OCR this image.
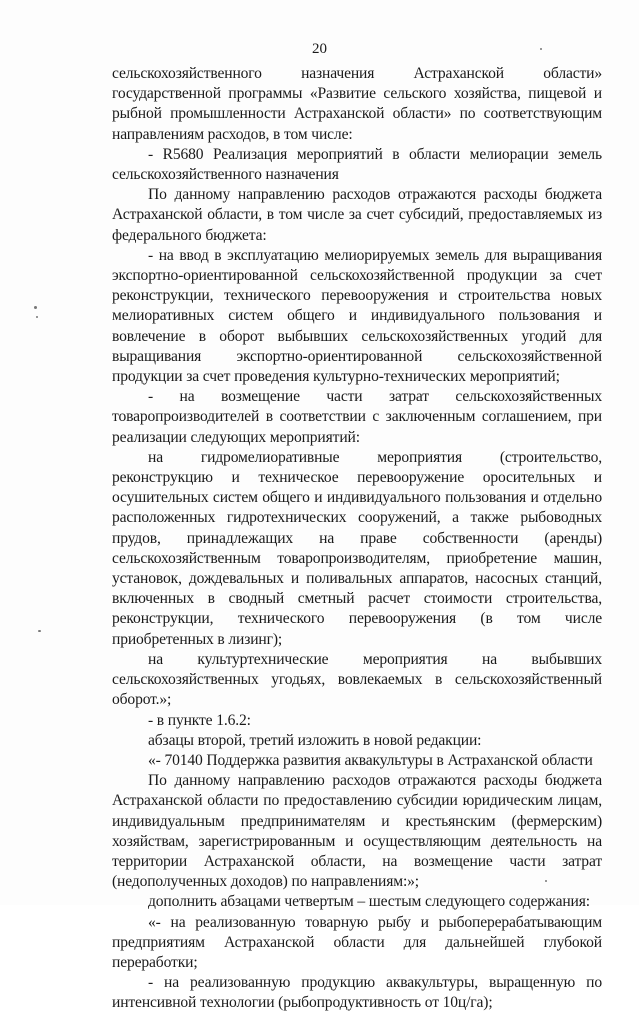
20

сельскохозяйственного назначения Астраханской области» государственной программы «Развитие сельского хозяйства, пищевой и рыбной промышленности Астраханской области» по соответствующим направлениям расходов, в том числе:

- R5680 Реализация мероприятий в области мелиорации земель сельскохозяйственного назначения

По данному направлению расходов отражаются расходы бюджета Астраханской области, в том числе за счет субсидий, предоставляемых из федерального бюджета:

- на ввод в эксплуатацию мелиорируемых земель для выращивания экспортно-ориентированной сельскохозяйственной продукции за счет реконструкции, технического перевооружения и строительства новых мелиоративных систем общего и индивидуального пользования и вовлечение в оборот выбывших сельскохозяйственных угодий для выращивания экспортно-ориентированной сельскохозяйственной продукции за счет проведения культурно-технических мероприятий;

- на возмещение части затрат сельскохозяйственных товаропроизводителей в соответствии с заключенным соглашением, при реализации следующих мероприятий:

на гидромелиоративные мероприятия (строительство, реконструкцию и техническое перевооружение оросительных и осушительных систем общего и индивидуального пользования и отдельно расположенных гидротехнических сооружений, а также рыбоводных прудов, принадлежащих на праве собственности (аренды) сельскохозяйственным товаропроизводителям, приобретение машин, установок, дождевальных и поливальных аппаратов, насосных станций, включенных в сводный сметный расчет стоимости строительства, реконструкции, технического перевооружения (в том числе приобретенных в лизинг);

на культуртехнические мероприятия на выбывших сельскохозяйственных угодьях, вовлекаемых в сельскохозяйственный оборот.»;

- в пункте 1.6.2:

абзацы второй, третий изложить в новой редакции:

«- 70140 Поддержка развития аквакультуры в Астраханской области

По данному направлению расходов отражаются расходы бюджета Астраханской области по предоставлению субсидии юридическим лицам, индивидуальным предпринимателям и крестьянским (фермерским) хозяйствам, зарегистрированным и осуществляющим деятельность на территории Астраханской области, на возмещение части затрат (недополученных доходов) по направлениям:»;

дополнить абзацами четвертым – шестым следующего содержания:

«- на реализованную товарную рыбу и рыбоперерабатывающим предприятиям Астраханской области для дальнейшей глубокой переработки;

- на реализованную продукцию аквакультуры, выращенную по интенсивной технологии (рыбопродуктивность от 10ц/га);
